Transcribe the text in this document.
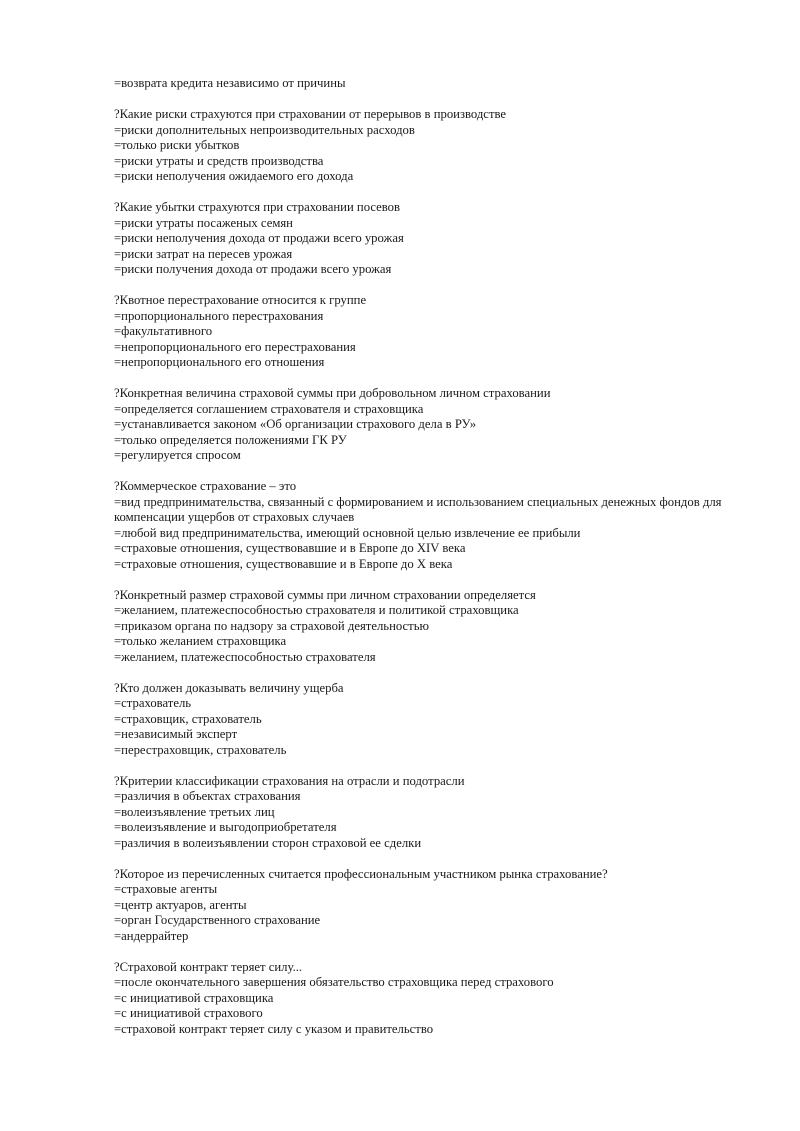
=возврата кредита независимо от причины

?Какие риски страхуются при страховании от перерывов в производстве

=риски дополнительных непроизводительных расходов

=только риски убытков

=риски утраты и средств производства

=риски неполучения ожидаемого его дохода

?Какие убытки страхуются при страховании посевов

=риски утраты посаженых семян

=риски неполучения дохода от продажи всего урожая

=риски затрат на пересев урожая

=риски получения дохода от продажи всего урожая

?Квотное перестрахование относится к группе

=пропорционального перестрахования

=факультативного

=непропорционального его перестрахования

=непропорционального его отношения

?Конкретная величина страховой суммы при добровольном личном страховании

=определяется соглашением страхователя и страховщика

=устанавливается законом «Об организации страхового дела в РУ»

=только определяется положениями ГК РУ

=регулируется спросом

?Коммерческое страхование – это

=вид предпринимательства, связанный с формированием и использованием специальных денежных фондов для компенсации ущербов от страховых случаев

=любой вид предпринимательства, имеющий основной целью извлечение ее прибыли

=страховые отношения, существовавшие и в Европе до XIV века

=страховые отношения, существовавшие и в Европе до X века

?Конкретный размер страховой суммы при личном страховании определяется

=желанием, платежеспособностью страхователя и политикой страховщика

=приказом органа по надзору за страховой деятельностью

=только желанием страховщика

=желанием, платежеспособностью страхователя

?Кто должен доказывать величину ущерба

=страхователь

=страховщик, страхователь

=независимый эксперт

=перестраховщик, страхователь

?Критерии классификации страхования на отрасли и подотрасли

=различия в объектах страхования

=волеизъявление третьих лиц

=волеизъявление и выгодоприобретателя

=различия в волеизъявлении сторон страховой ее сделки

?Которое из перечисленных считается профессиональным участником рынка страхование?

=страховые агенты

=центр актуаров, агенты

=орган Государственного страхование

=андеррайтер

?Страховой контракт теряет силу...

=после окончательного завершения обязательство страховщика перед страхового

=с инициативой страховщика

=с инициативой страхового

=страховой контракт теряет силу с указом и правительство
